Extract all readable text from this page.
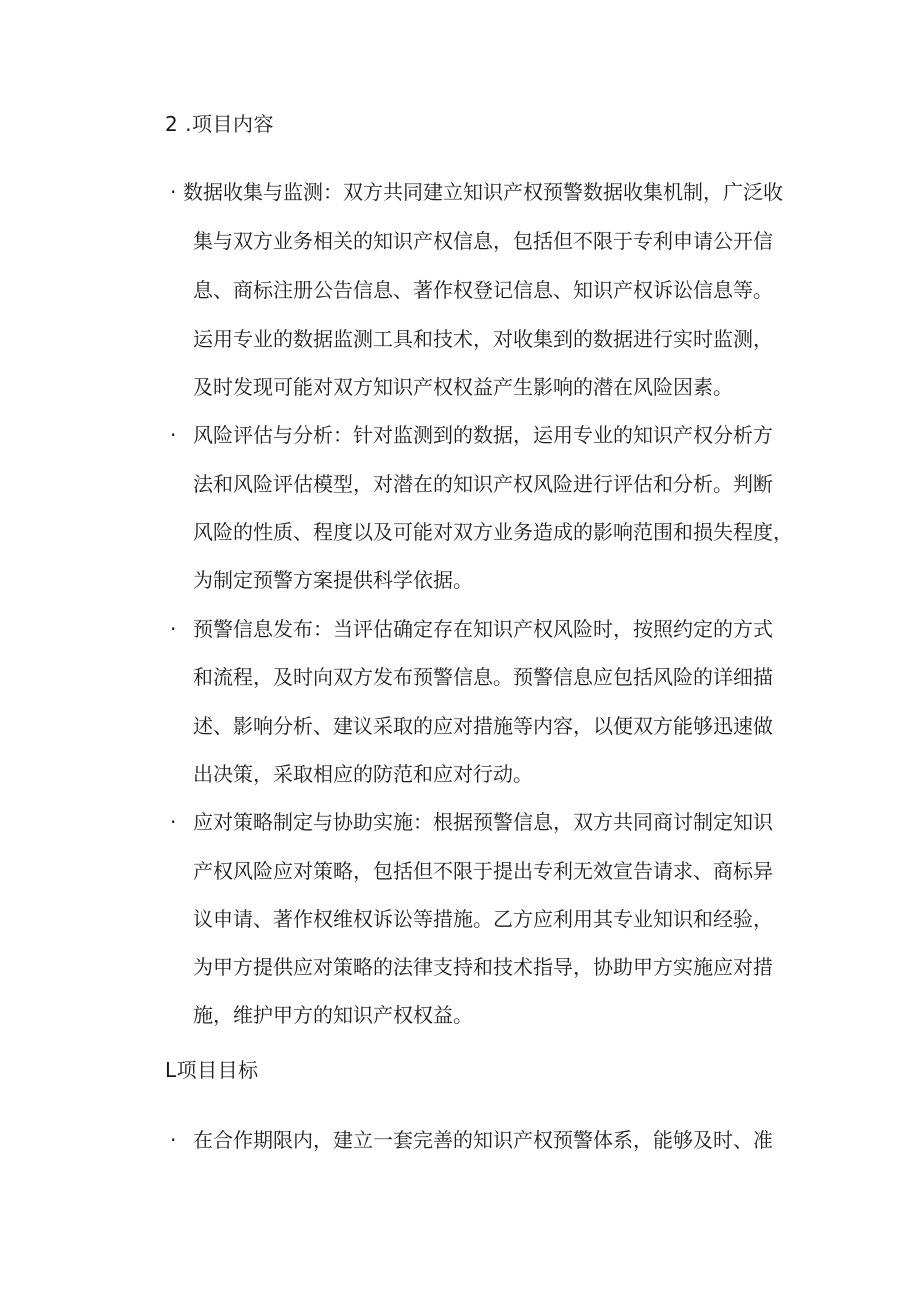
2 .项目内容
· 数据收集与监测：双方共同建立知识产权预警数据收集机制，广泛收
集与双方业务相关的知识产权信息，包括但不限于专利申请公开信
息、商标注册公告信息、著作权登记信息、知识产权诉讼信息等。
运用专业的数据监测工具和技术，对收集到的数据进行实时监测，
及时发现可能对双方知识产权权益产生影响的潜在风险因素。
· 风险评估与分析：针对监测到的数据，运用专业的知识产权分析方
法和风险评估模型，对潜在的知识产权风险进行评估和分析。判断
风险的性质、程度以及可能对双方业务造成的影响范围和损失程度，
为制定预警方案提供科学依据。
· 预警信息发布：当评估确定存在知识产权风险时，按照约定的方式
和流程，及时向双方发布预警信息。预警信息应包括风险的详细描
述、影响分析、建议采取的应对措施等内容，以便双方能够迅速做
出决策，采取相应的防范和应对行动。
· 应对策略制定与协助实施：根据预警信息，双方共同商讨制定知识
产权风险应对策略，包括但不限于提出专利无效宣告请求、商标异
议申请、著作权维权诉讼等措施。乙方应利用其专业知识和经验，
为甲方提供应对策略的法律支持和技术指导，协助甲方实施应对措
施，维护甲方的知识产权权益。
L项目目标
· 在合作期限内，建立一套完善的知识产权预警体系，能够及时、准
